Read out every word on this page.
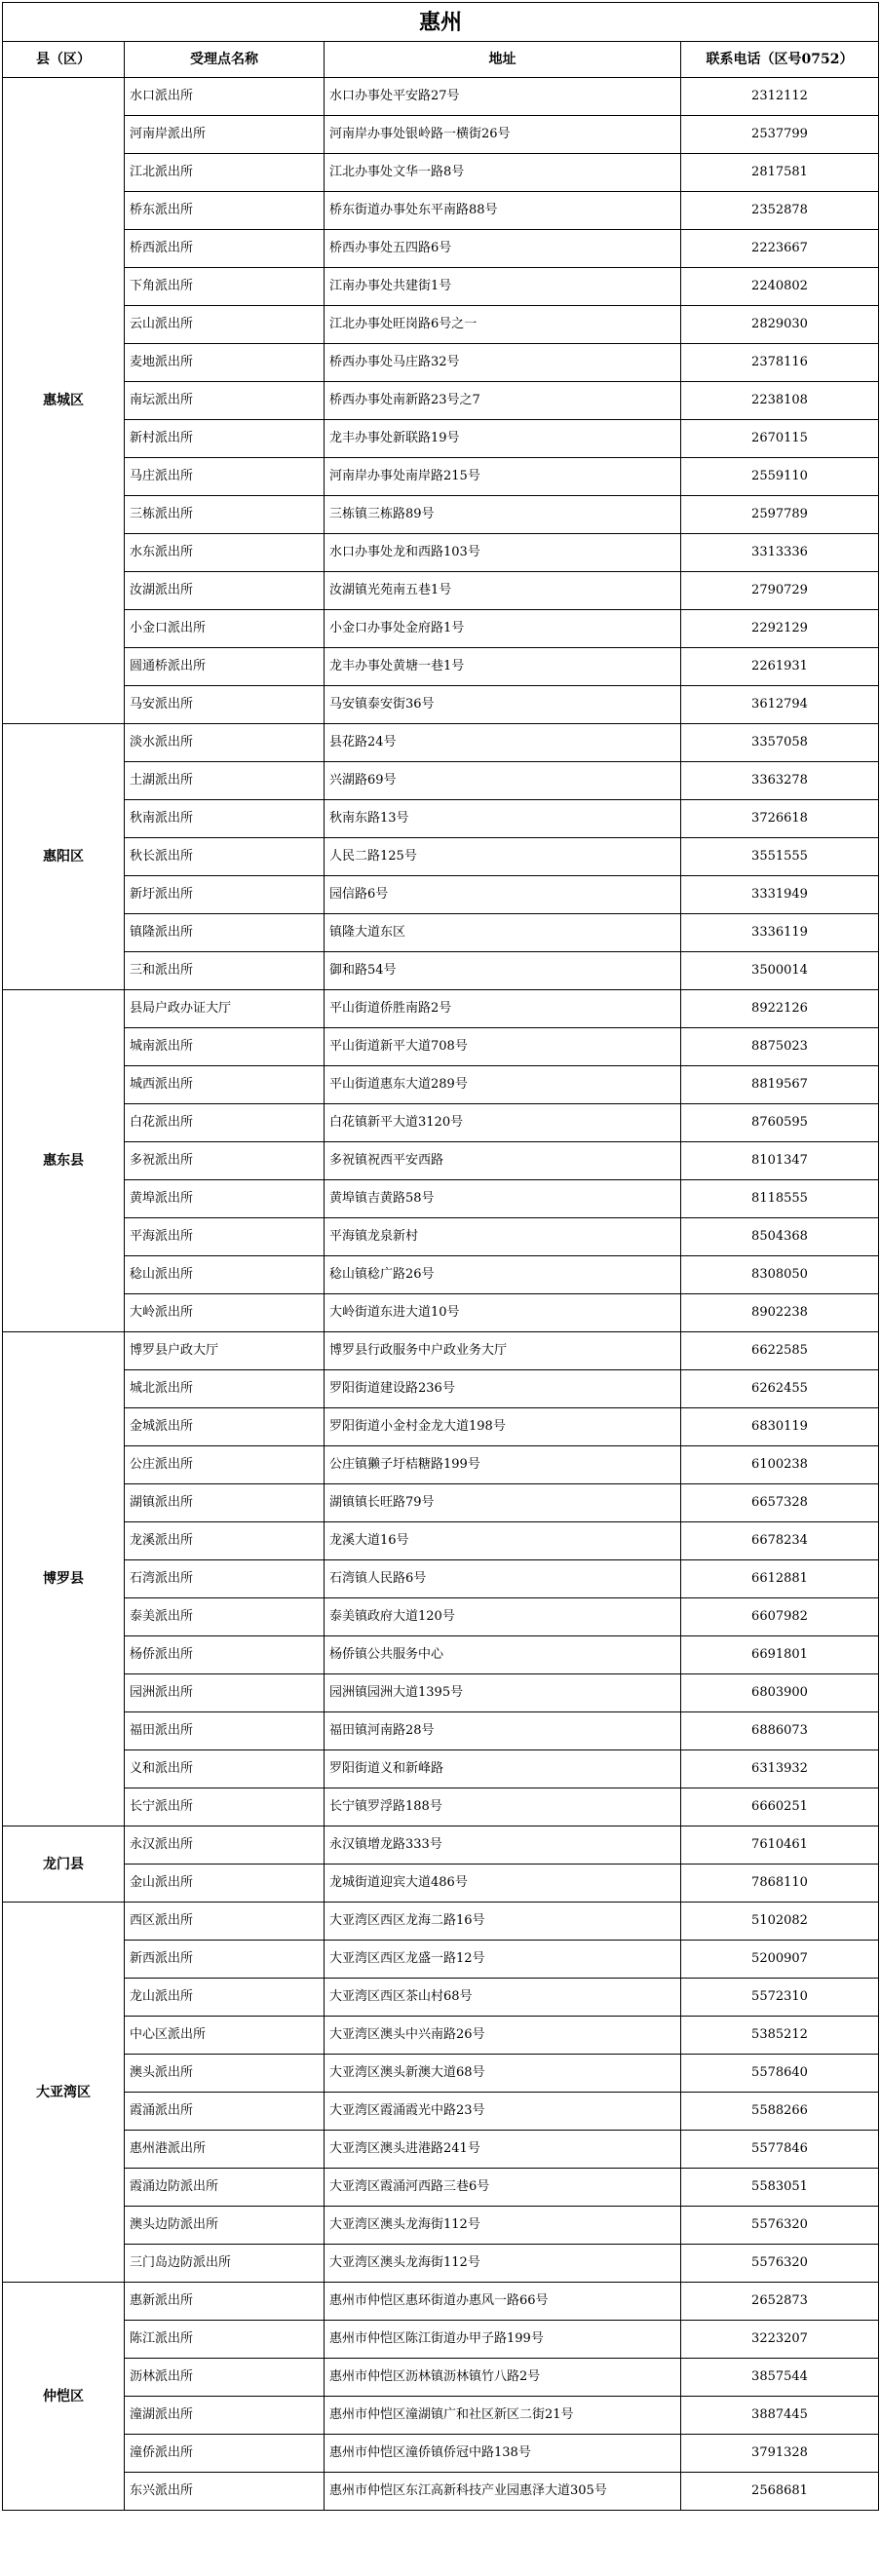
惠州			
县（区）	受理点名称	地址	联系电话（区号0752）
惠城区	水口派出所	水口办事处平安路27号	2312112
	河南岸派出所	河南岸办事处银岭路一横街26号	2537799
	江北派出所	江北办事处文华一路8号	2817581
	桥东派出所	桥东街道办事处东平南路88号	2352878
	桥西派出所	桥西办事处五四路6号	2223667
	下角派出所	江南办事处共建街1号	2240802
	云山派出所	江北办事处旺岗路6号之一	2829030
	麦地派出所	桥西办事处马庄路32号	2378116
	南坛派出所	桥西办事处南新路23号之7	2238108
	新村派出所	龙丰办事处新联路19号	2670115
	马庄派出所	河南岸办事处南岸路215号	2559110
	三栋派出所	三栋镇三栋路89号	2597789
	水东派出所	水口办事处龙和西路103号	3313336
	汝湖派出所	汝湖镇光苑南五巷1号	2790729
	小金口派出所	小金口办事处金府路1号	2292129
	圆通桥派出所	龙丰办事处黄塘一巷1号	2261931
	马安派出所	马安镇泰安街36号	3612794
惠阳区	淡水派出所	县花路24号	3357058
	土湖派出所	兴湖路69号	3363278
	秋南派出所	秋南东路13号	3726618
	秋长派出所	人民二路125号	3551555
	新圩派出所	园信路6号	3331949
	镇隆派出所	镇隆大道东区	3336119
	三和派出所	御和路54号	3500014
惠东县	县局户政办证大厅	平山街道侨胜南路2号	8922126
	城南派出所	平山街道新平大道708号	8875023
	城西派出所	平山街道惠东大道289号	8819567
	白花派出所	白花镇新平大道3120号	8760595
	多祝派出所	多祝镇祝西平安西路	8101347
	黄埠派出所	黄埠镇吉黄路58号	8118555
	平海派出所	平海镇龙泉新村	8504368
	稔山派出所	稔山镇稔广路26号	8308050
	大岭派出所	大岭街道东进大道10号	8902238
博罗县	博罗县户政大厅	博罗县行政服务中户政业务大厅	6622585
	城北派出所	罗阳街道建设路236号	6262455
	金城派出所	罗阳街道小金村金龙大道198号	6830119
	公庄派出所	公庄镇獭子圩桔糖路199号	6100238
	湖镇派出所	湖镇镇长旺路79号	6657328
	龙溪派出所	龙溪大道16号	6678234
	石湾派出所	石湾镇人民路6号	6612881
	泰美派出所	泰美镇政府大道120号	6607982
	杨侨派出所	杨侨镇公共服务中心	6691801
	园洲派出所	园洲镇园洲大道1395号	6803900
	福田派出所	福田镇河南路28号	6886073
	义和派出所	罗阳街道义和新峰路	6313932
	长宁派出所	长宁镇罗浮路188号	6660251
龙门县	永汉派出所	永汉镇增龙路333号	7610461
	金山派出所	龙城街道迎宾大道486号	7868110
大亚湾区	西区派出所	大亚湾区西区龙海二路16号	5102082
	新西派出所	大亚湾区西区龙盛一路12号	5200907
	龙山派出所	大亚湾区西区茶山村68号	5572310
	中心区派出所	大亚湾区澳头中兴南路26号	5385212
	澳头派出所	大亚湾区澳头新澳大道68号	5578640
	霞涌派出所	大亚湾区霞涌霞光中路23号	5588266
	惠州港派出所	大亚湾区澳头进港路241号	5577846
	霞涌边防派出所	大亚湾区霞涌河西路三巷6号	5583051
	澳头边防派出所	大亚湾区澳头龙海街112号	5576320
	三门岛边防派出所	大亚湾区澳头龙海街112号	5576320
仲恺区	惠新派出所	惠州市仲恺区惠环街道办惠风一路66号	2652873
	陈江派出所	惠州市仲恺区陈江街道办甲子路199号	3223207
	沥林派出所	惠州市仲恺区沥林镇沥林镇竹八路2号	3857544
	潼湖派出所	惠州市仲恺区潼湖镇广和社区新区二街21号	3887445
	潼侨派出所	惠州市仲恺区潼侨镇侨冠中路138号	3791328
	东兴派出所	惠州市仲恺区东江高新科技产业园惠泽大道305号	2568681
